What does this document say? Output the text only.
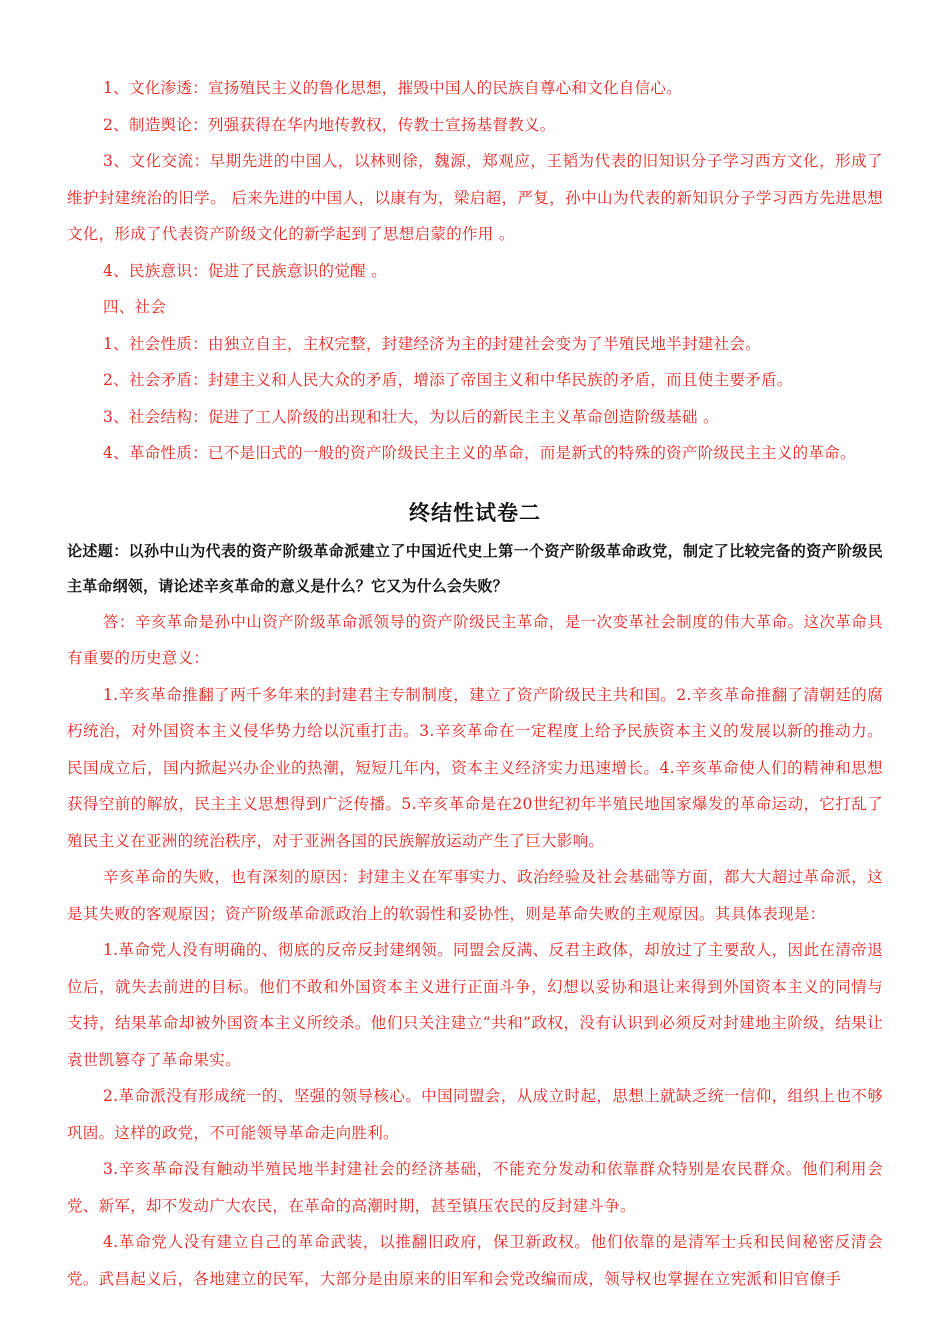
1、文化渗透：宣扬殖民主义的鲁化思想，摧毁中国人的民族自尊心和文化自信心。

2、制造舆论：列强获得在华内地传教权，传教士宣扬基督教义。

3、文化交流：早期先进的中国人，以林则徐，魏源，郑观应，王韬为代表的旧知识分子学习西方文化，形成了维护封建统治的旧学。 后来先进的中国人，以康有为，梁启超，严复，孙中山为代表的新知识分子学习西方先进思想文化，形成了代表资产阶级文化的新学起到了思想启蒙的作用 。

4、民族意识：促进了民族意识的觉醒 。

四、社会

1、社会性质：由独立自主，主权完整，封建经济为主的封建社会变为了半殖民地半封建社会。

2、社会矛盾：封建主义和人民大众的矛盾，增添了帝国主义和中华民族的矛盾，而且使主要矛盾。

3、社会结构：促进了工人阶级的出现和壮大，为以后的新民主主义革命创造阶级基础 。

4、革命性质：已不是旧式的一般的资产阶级民主主义的革命，而是新式的特殊的资产阶级民主主义的革命。

终结性试卷二

论述题：以孙中山为代表的资产阶级革命派建立了中国近代史上第一个资产阶级革命政党，制定了比较完备的资产阶级民主革命纲领，请论述辛亥革命的意义是什么？它又为什么会失败？

答：辛亥革命是孙中山资产阶级革命派领导的资产阶级民主革命，是一次变革社会制度的伟大革命。这次革命具有重要的历史意义：

1.辛亥革命推翻了两千多年来的封建君主专制制度，建立了资产阶级民主共和国。2.辛亥革命推翻了清朝廷的腐朽统治，对外国资本主义侵华势力给以沉重打击。3.辛亥革命在一定程度上给予民族资本主义的发展以新的推动力。民国成立后，国内掀起兴办企业的热潮，短短几年内，资本主义经济实力迅速增长。4.辛亥革命使人们的精神和思想获得空前的解放，民主主义思想得到广泛传播。5.辛亥革命是在20世纪初年半殖民地国家爆发的革命运动，它打乱了殖民主义在亚洲的统治秩序，对于亚洲各国的民族解放运动产生了巨大影响。

辛亥革命的失败，也有深刻的原因：封建主义在军事实力、政治经验及社会基础等方面，都大大超过革命派，这是其失败的客观原因；资产阶级革命派政治上的软弱性和妥协性，则是革命失败的主观原因。其具体表现是：

1.革命党人没有明确的、彻底的反帝反封建纲领。同盟会反满、反君主政体，却放过了主要敌人，因此在清帝退位后，就失去前进的目标。他们不敢和外国资本主义进行正面斗争，幻想以妥协和退让来得到外国资本主义的同情与支持，结果革命却被外国资本主义所绞杀。他们只关注建立“共和”政权，没有认识到必须反对封建地主阶级，结果让袁世凯篡夺了革命果实。

2.革命派没有形成统一的、坚强的领导核心。中国同盟会，从成立时起，思想上就缺乏统一信仰，组织上也不够巩固。这样的政党，不可能领导革命走向胜利。

3.辛亥革命没有触动半殖民地半封建社会的经济基础，不能充分发动和依靠群众特别是农民群众。他们利用会党、新军，却不发动广大农民，在革命的高潮时期，甚至镇压农民的反封建斗争。

4.革命党人没有建立自己的革命武装，以推翻旧政府，保卫新政权。他们依靠的是清军士兵和民间秘密反清会党。武昌起义后，各地建立的民军，大部分是由原来的旧军和会党改编而成，领导权也掌握在立宪派和旧官僚手
